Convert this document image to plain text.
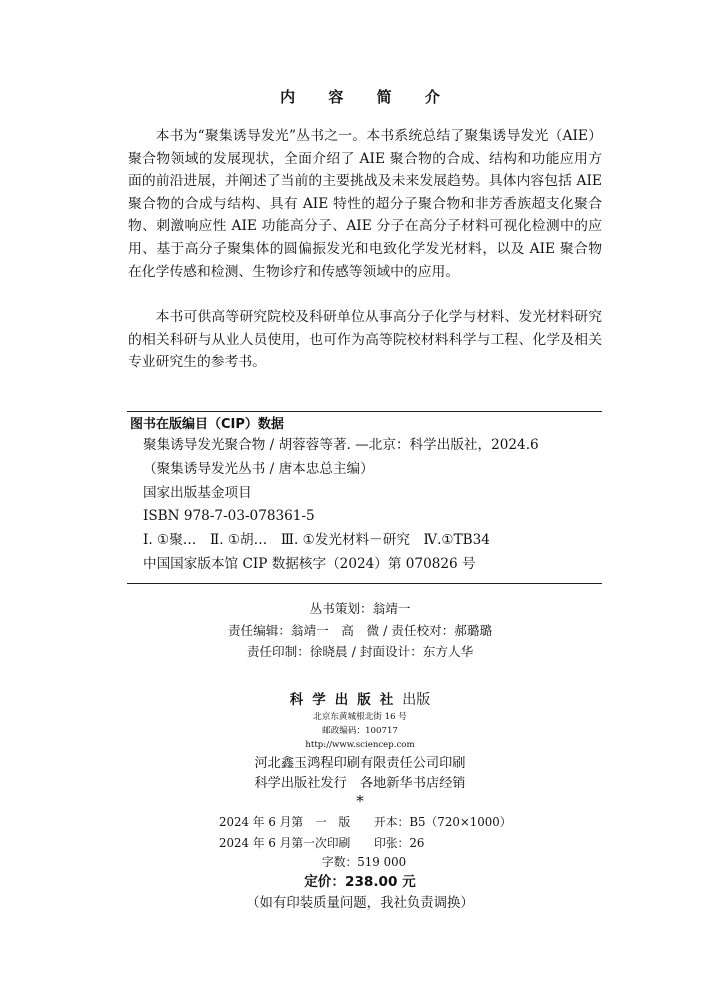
内 容 简 介
本书为“聚集诱导发光”丛书之一。本书系统总结了聚集诱导发光（AIE）聚合物领域的发展现状，全面介绍了 AIE 聚合物的合成、结构和功能应用方面的前沿进展，并阐述了当前的主要挑战及未来发展趋势。具体内容包括 AIE 聚合物的合成与结构、具有 AIE 特性的超分子聚合物和非芳香族超支化聚合物、刺激响应性 AIE 功能高分子、AIE 分子在高分子材料可视化检测中的应用、基于高分子聚集体的圆偏振发光和电致化学发光材料，以及 AIE 聚合物在化学传感和检测、生物诊疗和传感等领域中的应用。
本书可供高等研究院校及科研单位从事高分子化学与材料、发光材料研究的相关科研与从业人员使用，也可作为高等院校材料科学与工程、化学及相关专业研究生的参考书。
图书在版编目（CIP）数据
聚集诱导发光聚合物 / 胡蓉蓉等著. —北京：科学出版社，2024.6
（聚集诱导发光丛书 / 唐本忠总主编）
国家出版基金项目
ISBN 978-7-03-078361-5
Ⅰ. ①聚…　Ⅱ. ①胡…　Ⅲ. ①发光材料－研究　Ⅳ.①TB34
中国国家版本馆 CIP 数据核字（2024）第 070826 号
丛书策划：翁靖一
责任编辑：翁靖一　高　微 / 责任校对：郝璐璐
责任印制：徐晓晨 / 封面设计：东方人华
科学出版社出版
北京东黄城根北街 16 号
邮政编码：100717
http://www.sciencep.com
河北鑫玉鸿程印刷有限责任公司印刷
科学出版社发行　各地新华书店经销
*
2024 年 6 月第　一　版　　开本：B5（720×1000）
2024 年 6 月第一次印刷　　印张：26
字数：519 000
定价：238.00 元
（如有印装质量问题，我社负责调换）
